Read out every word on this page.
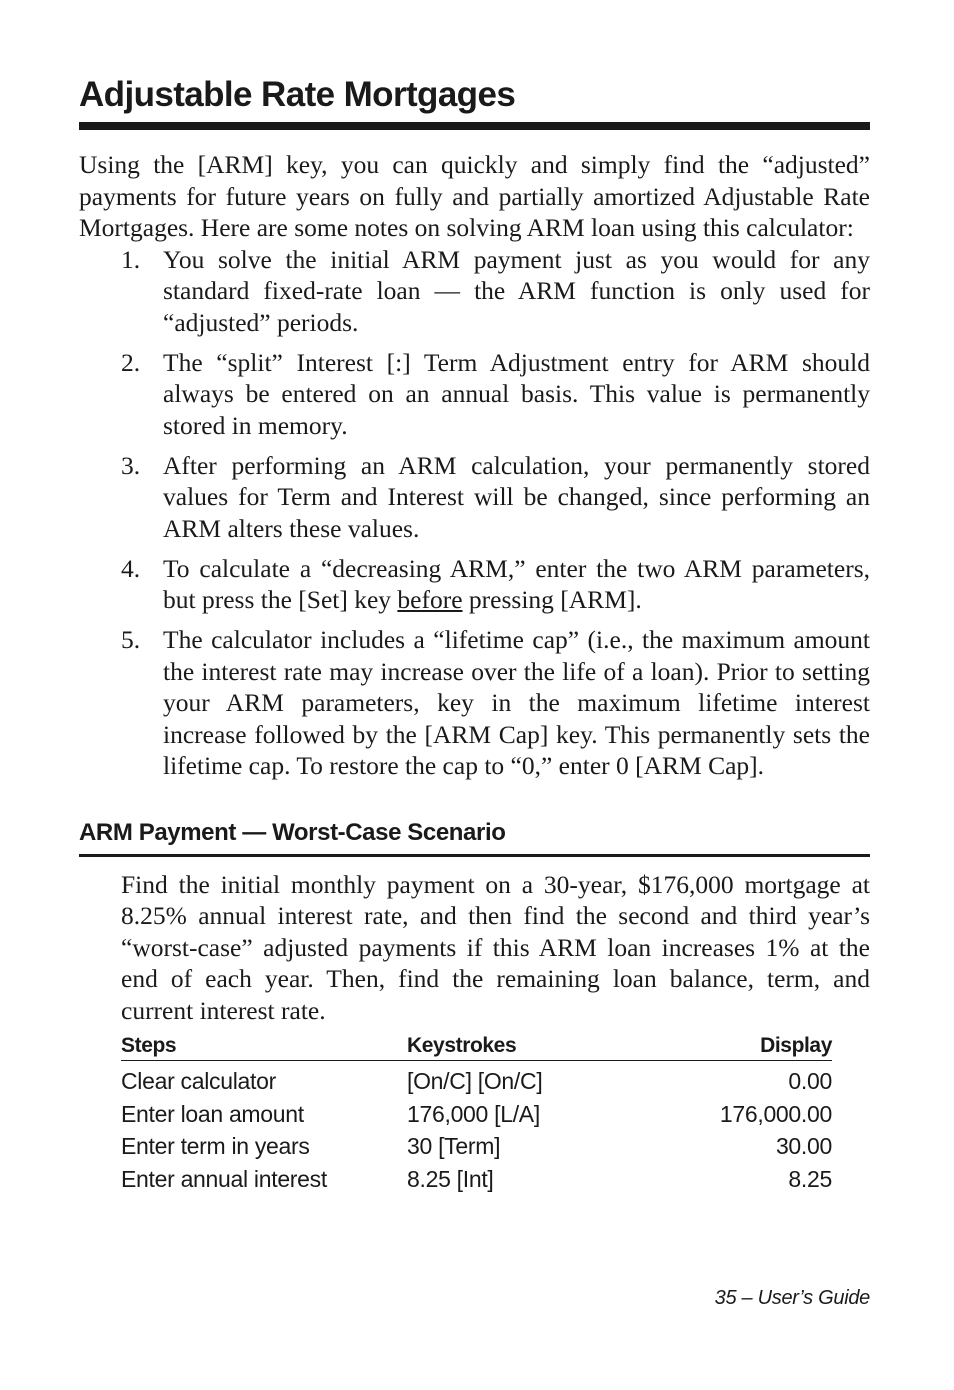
Adjustable Rate Mortgages

Using the [ARM] key, you can quickly and simply find the “adjusted” payments for future years on fully and partially amortized Adjustable Rate Mortgages. Here are some notes on solving ARM loan using this calculator:

1. You solve the initial ARM payment just as you would for any standard fixed-rate loan — the ARM function is only used for “adjusted” periods.
2. The “split” Interest [:] Term Adjustment entry for ARM should always be entered on an annual basis. This value is permanently stored in memory.
3. After performing an ARM calculation, your permanently stored values for Term and Interest will be changed, since performing an ARM alters these values.
4. To calculate a “decreasing ARM,” enter the two ARM parameters, but press the [Set] key before pressing [ARM].
5. The calculator includes a “lifetime cap” (i.e., the maximum amount the interest rate may increase over the life of a loan). Prior to setting your ARM parameters, key in the maximum lifetime interest increase followed by the [ARM Cap] key. This permanently sets the lifetime cap. To restore the cap to “0,” enter 0 [ARM Cap].
ARM Payment — Worst-Case Scenario

Find the initial monthly payment on a 30-year, $176,000 mortgage at 8.25% annual interest rate, and then find the second and third year’s “worst-case” adjusted payments if this ARM loan increases 1% at the end of each year. Then, find the remaining loan balance, term, and current interest rate.

Steps	Keystrokes	Display
Clear calculator	[On/C] [On/C]	0.00
Enter loan amount	176,000 [L/A]	176,000.00
Enter term in years	30 [Term]	30.00
Enter annual interest	8.25 [Int]	8.25
35 – User’s Guide
